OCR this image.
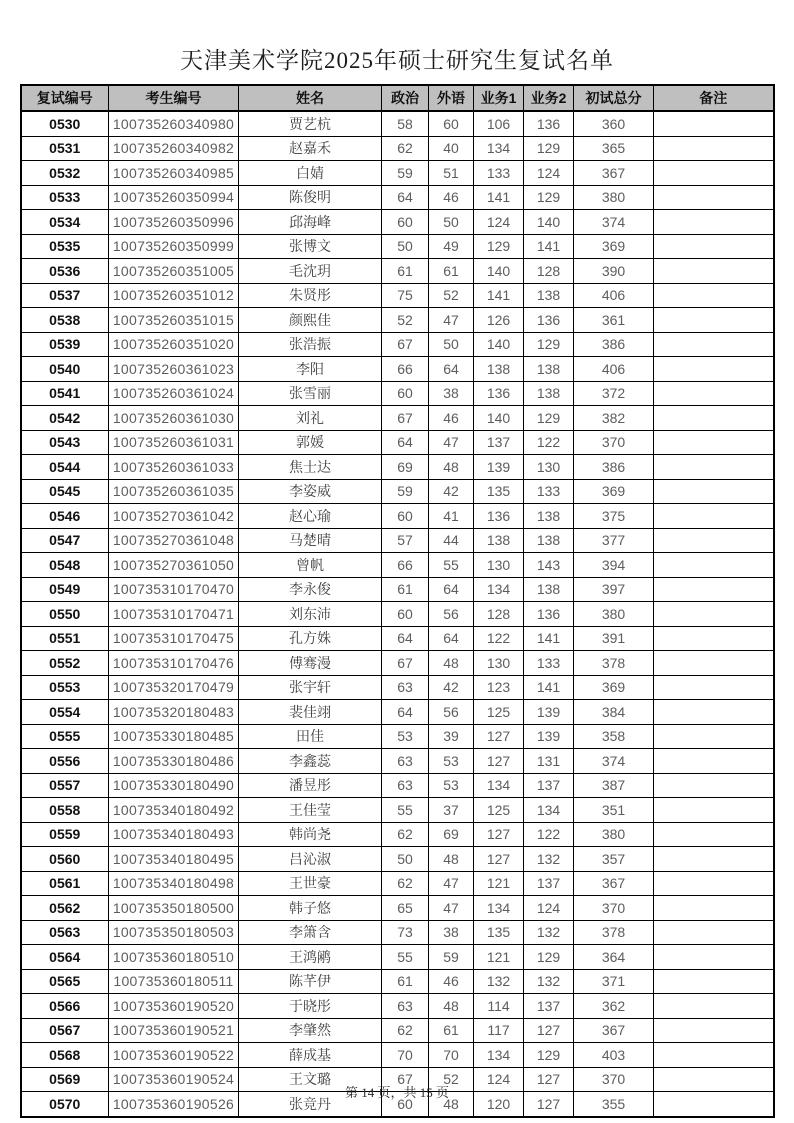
天津美术学院2025年硕士研究生复试名单
复试编号	考生编号	姓名	政治	外语	业务1	业务2	初试总分	备注
0530	100735260340980	贾艺杭	58	60	106	136	360	
0531	100735260340982	赵嘉禾	62	40	134	129	365	
0532	100735260340985	白婧	59	51	133	124	367	
0533	100735260350994	陈俊明	64	46	141	129	380	
0534	100735260350996	邱海峰	60	50	124	140	374	
0535	100735260350999	张博文	50	49	129	141	369	
0536	100735260351005	毛沈玥	61	61	140	128	390	
0537	100735260351012	朱贤彤	75	52	141	138	406	
0538	100735260351015	颜熙佳	52	47	126	136	361	
0539	100735260351020	张浩振	67	50	140	129	386	
0540	100735260361023	李阳	66	64	138	138	406	
0541	100735260361024	张雪丽	60	38	136	138	372	
0542	100735260361030	刘礼	67	46	140	129	382	
0543	100735260361031	郭媛	64	47	137	122	370	
0544	100735260361033	焦士达	69	48	139	130	386	
0545	100735260361035	李姿威	59	42	135	133	369	
0546	100735270361042	赵心瑜	60	41	136	138	375	
0547	100735270361048	马楚晴	57	44	138	138	377	
0548	100735270361050	曾帆	66	55	130	143	394	
0549	100735310170470	李永俊	61	64	134	138	397	
0550	100735310170471	刘东沛	60	56	128	136	380	
0551	100735310170475	孔方姝	64	64	122	141	391	
0552	100735310170476	傅骞漫	67	48	130	133	378	
0553	100735320170479	张宇轩	63	42	123	141	369	
0554	100735320180483	裴佳翊	64	56	125	139	384	
0555	100735330180485	田佳	53	39	127	139	358	
0556	100735330180486	李鑫蕊	63	53	127	131	374	
0557	100735330180490	潘昱彤	63	53	134	137	387	
0558	100735340180492	王佳莹	55	37	125	134	351	
0559	100735340180493	韩尚尧	62	69	127	122	380	
0560	100735340180495	吕沁淑	50	48	127	132	357	
0561	100735340180498	王世豪	62	47	121	137	367	
0562	100735350180500	韩子悠	65	47	134	124	370	
0563	100735350180503	李箫含	73	38	135	132	378	
0564	100735360180510	王鸿鹇	55	59	121	129	364	
0565	100735360180511	陈芊伊	61	46	132	132	371	
0566	100735360190520	于晓彤	63	48	114	137	362	
0567	100735360190521	李肇然	62	61	117	127	367	
0568	100735360190522	薛成基	70	70	134	129	403	
0569	100735360190524	王文璐	67	52	124	127	370	
0570	100735360190526	张竞丹	60	48	120	127	355	
第 14 页，共 15 页
